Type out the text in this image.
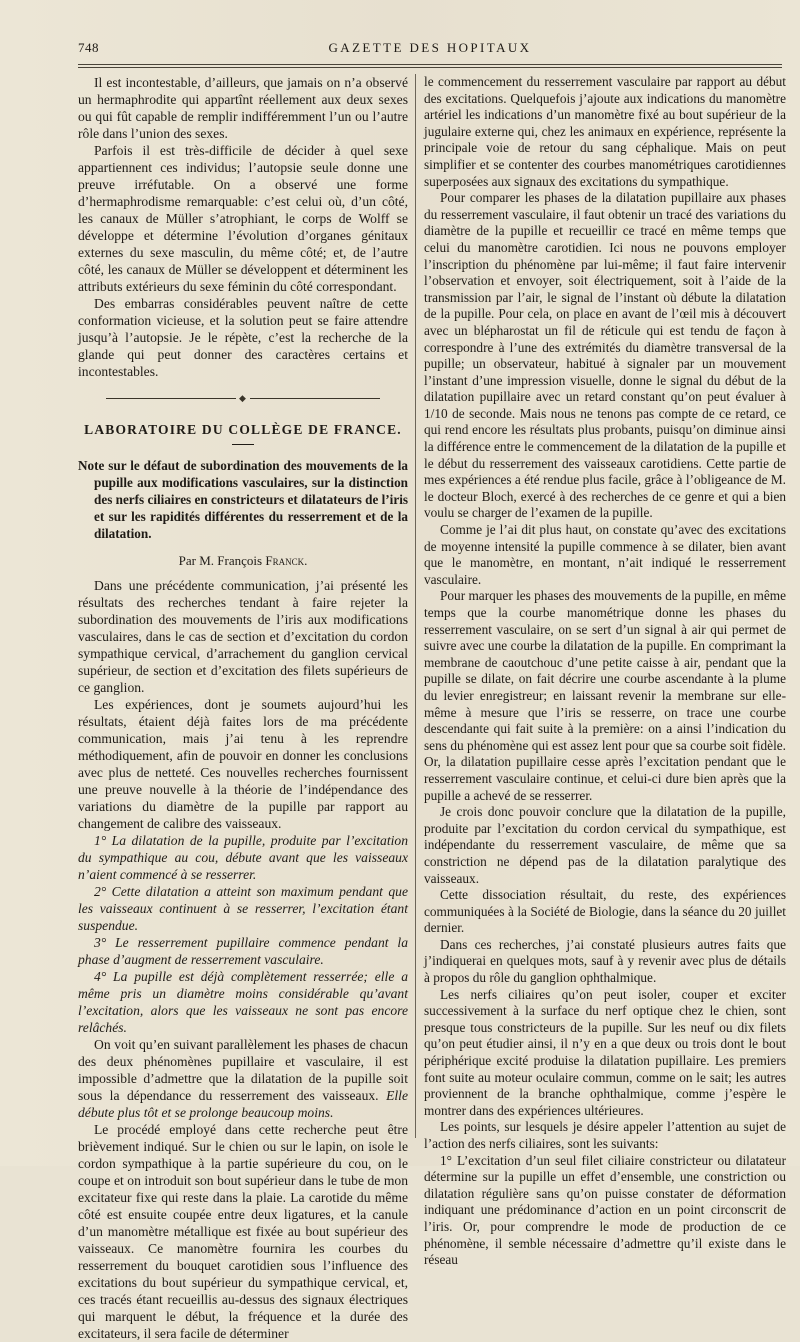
748	GAZETTE DES HOPITAUX

Il est incontestable, d’ailleurs, que jamais on n’a observé un hermaphrodite qui appartînt réellement aux deux sexes ou qui fût capable de remplir indifféremment l’un ou l’autre rôle dans l’union des sexes.

Parfois il est très-difficile de décider à quel sexe appartiennent ces individus; l’autopsie seule donne une preuve irréfutable. On a observé une forme d’hermaphrodisme remarquable: c’est celui où, d’un côté, les canaux de Müller s’atrophiant, le corps de Wolff se développe et détermine l’évolution d’organes génitaux externes du sexe masculin, du même côté; et, de l’autre côté, les canaux de Müller se développent et déterminent les attributs extérieurs du sexe féminin du côté correspondant.

Des embarras considérables peuvent naître de cette conformation vicieuse, et la solution peut se faire attendre jusqu’à l’autopsie. Je le répète, c’est la recherche de la glande qui peut donner des caractères certains et incontestables.

◆
LABORATOIRE DU COLLÈGE DE FRANCE.
Note sur le défaut de subordination des mouvements de la pupille aux modifications vasculaires, sur la distinction des nerfs ciliaires en constricteurs et dilatateurs de l’iris et sur les rapidités différentes du resserrement et de la dilatation.
Par M. François Franck.

Dans une précédente communication, j’ai présenté les résultats des recherches tendant à faire rejeter la subordination des mouvements de l’iris aux modifications vasculaires, dans le cas de section et d’excitation du cordon sympathique cervical, d’arrachement du ganglion cervical supérieur, de section et d’excitation des filets supérieurs de ce ganglion.

Les expériences, dont je soumets aujourd’hui les résultats, étaient déjà faites lors de ma précédente communication, mais j’ai tenu à les reprendre méthodiquement, afin de pouvoir en donner les conclusions avec plus de netteté. Ces nouvelles recherches fournissent une preuve nouvelle à la théorie de l’indépendance des variations du diamètre de la pupille par rapport au changement de calibre des vaisseaux.

1° La dilatation de la pupille, produite par l’excitation du sympathique au cou, débute avant que les vaisseaux n’aient commencé à se resserrer.

2° Cette dilatation a atteint son maximum pendant que les vaisseaux continuent à se resserrer, l’excitation étant suspendue.

3° Le resserrement pupillaire commence pendant la phase d’augment de resserrement vasculaire.

4° La pupille est déjà complètement resserrée; elle a même pris un diamètre moins considérable qu’avant l’excitation, alors que les vaisseaux ne sont pas encore relâchés.

On voit qu’en suivant parallèlement les phases de chacun des deux phénomènes pupillaire et vasculaire, il est impossible d’admettre que la dilatation de la pupille soit sous la dépendance du resserrement des vaisseaux. Elle débute plus tôt et se prolonge beaucoup moins.

Le procédé employé dans cette recherche peut être brièvement indiqué. Sur le chien ou sur le lapin, on isole le cordon sympathique à la partie supérieure du cou, on le coupe et on introduit son bout supérieur dans le tube de mon excitateur fixe qui reste dans la plaie. La carotide du même côté est ensuite coupée entre deux ligatures, et la canule d’un manomètre métallique est fixée au bout supérieur des vaisseaux. Ce manomètre fournira les courbes du resserrement du bouquet carotidien sous l’influence des excitations du bout supérieur du sympathique cervical, et, ces tracés étant recueillis au-dessus des signaux électriques qui marquent le début, la fréquence et la durée des excitateurs, il sera facile de déterminer

le commencement du resserrement vasculaire par rapport au début des excitations. Quelquefois j’ajoute aux indications du manomètre artériel les indications d’un manomètre fixé au bout supérieur de la jugulaire externe qui, chez les animaux en expérience, représente la principale voie de retour du sang céphalique. Mais on peut simplifier et se contenter des courbes manométriques carotidiennes superposées aux signaux des excitations du sympathique.

Pour comparer les phases de la dilatation pupillaire aux phases du resserrement vasculaire, il faut obtenir un tracé des variations du diamètre de la pupille et recueillir ce tracé en même temps que celui du manomètre carotidien. Ici nous ne pouvons employer l’inscription du phénomène par lui-même; il faut faire intervenir l’observation et envoyer, soit électriquement, soit à l’aide de la transmission par l’air, le signal de l’instant où débute la dilatation de la pupille. Pour cela, on place en avant de l’œil mis à découvert avec un blépharostat un fil de réticule qui est tendu de façon à correspondre à l’une des extrémités du diamètre transversal de la pupille; un observateur, habitué à signaler par un mouvement l’instant d’une impression visuelle, donne le signal du début de la dilatation pupillaire avec un retard constant qu’on peut évaluer à 1/10 de seconde. Mais nous ne tenons pas compte de ce retard, ce qui rend encore les résultats plus probants, puisqu’on diminue ainsi la différence entre le commencement de la dilatation de la pupille et le début du resserrement des vaisseaux carotidiens. Cette partie de mes expériences a été rendue plus facile, grâce à l’obligeance de M. le docteur Bloch, exercé à des recherches de ce genre et qui a bien voulu se charger de l’examen de la pupille.

Comme je l’ai dit plus haut, on constate qu’avec des excitations de moyenne intensité la pupille commence à se dilater, bien avant que le manomètre, en montant, n’ait indiqué le resserrement vasculaire.

Pour marquer les phases des mouvements de la pupille, en même temps que la courbe manométrique donne les phases du resserrement vasculaire, on se sert d’un signal à air qui permet de suivre avec une courbe la dilatation de la pupille. En comprimant la membrane de caoutchouc d’une petite caisse à air, pendant que la pupille se dilate, on fait décrire une courbe ascendante à la plume du levier enregistreur; en laissant revenir la membrane sur elle-même à mesure que l’iris se resserre, on trace une courbe descendante qui fait suite à la première: on a ainsi l’indication du sens du phénomène qui est assez lent pour que sa courbe soit fidèle. Or, la dilatation pupillaire cesse après l’excitation pendant que le resserrement vasculaire continue, et celui-ci dure bien après que la pupille a achevé de se resserrer.

Je crois donc pouvoir conclure que la dilatation de la pupille, produite par l’excitation du cordon cervical du sympathique, est indépendante du resserrement vasculaire, de même que sa constriction ne dépend pas de la dilatation paralytique des vaisseaux.

Cette dissociation résultait, du reste, des expériences communiquées à la Société de Biologie, dans la séance du 20 juillet dernier.

Dans ces recherches, j’ai constaté plusieurs autres faits que j’indiquerai en quelques mots, sauf à y revenir avec plus de détails à propos du rôle du ganglion ophthalmique.

Les nerfs ciliaires qu’on peut isoler, couper et exciter successivement à la surface du nerf optique chez le chien, sont presque tous constricteurs de la pupille. Sur les neuf ou dix filets qu’on peut étudier ainsi, il n’y en a que deux ou trois dont le bout périphérique excité produise la dilatation pupillaire. Les premiers font suite au moteur oculaire commun, comme on le sait; les autres proviennent de la branche ophthalmique, comme j’espère le montrer dans des expériences ultérieures.

Les points, sur lesquels je désire appeler l’attention au sujet de l’action des nerfs ciliaires, sont les suivants:

1° L’excitation d’un seul filet ciliaire constricteur ou dilatateur détermine sur la pupille un effet d’ensemble, une constriction ou dilatation régulière sans qu’on puisse constater de déformation indiquant une prédominance d’action en un point circonscrit de l’iris. Or, pour comprendre le mode de production de ce phénomène, il semble nécessaire d’admettre qu’il existe dans le réseau
